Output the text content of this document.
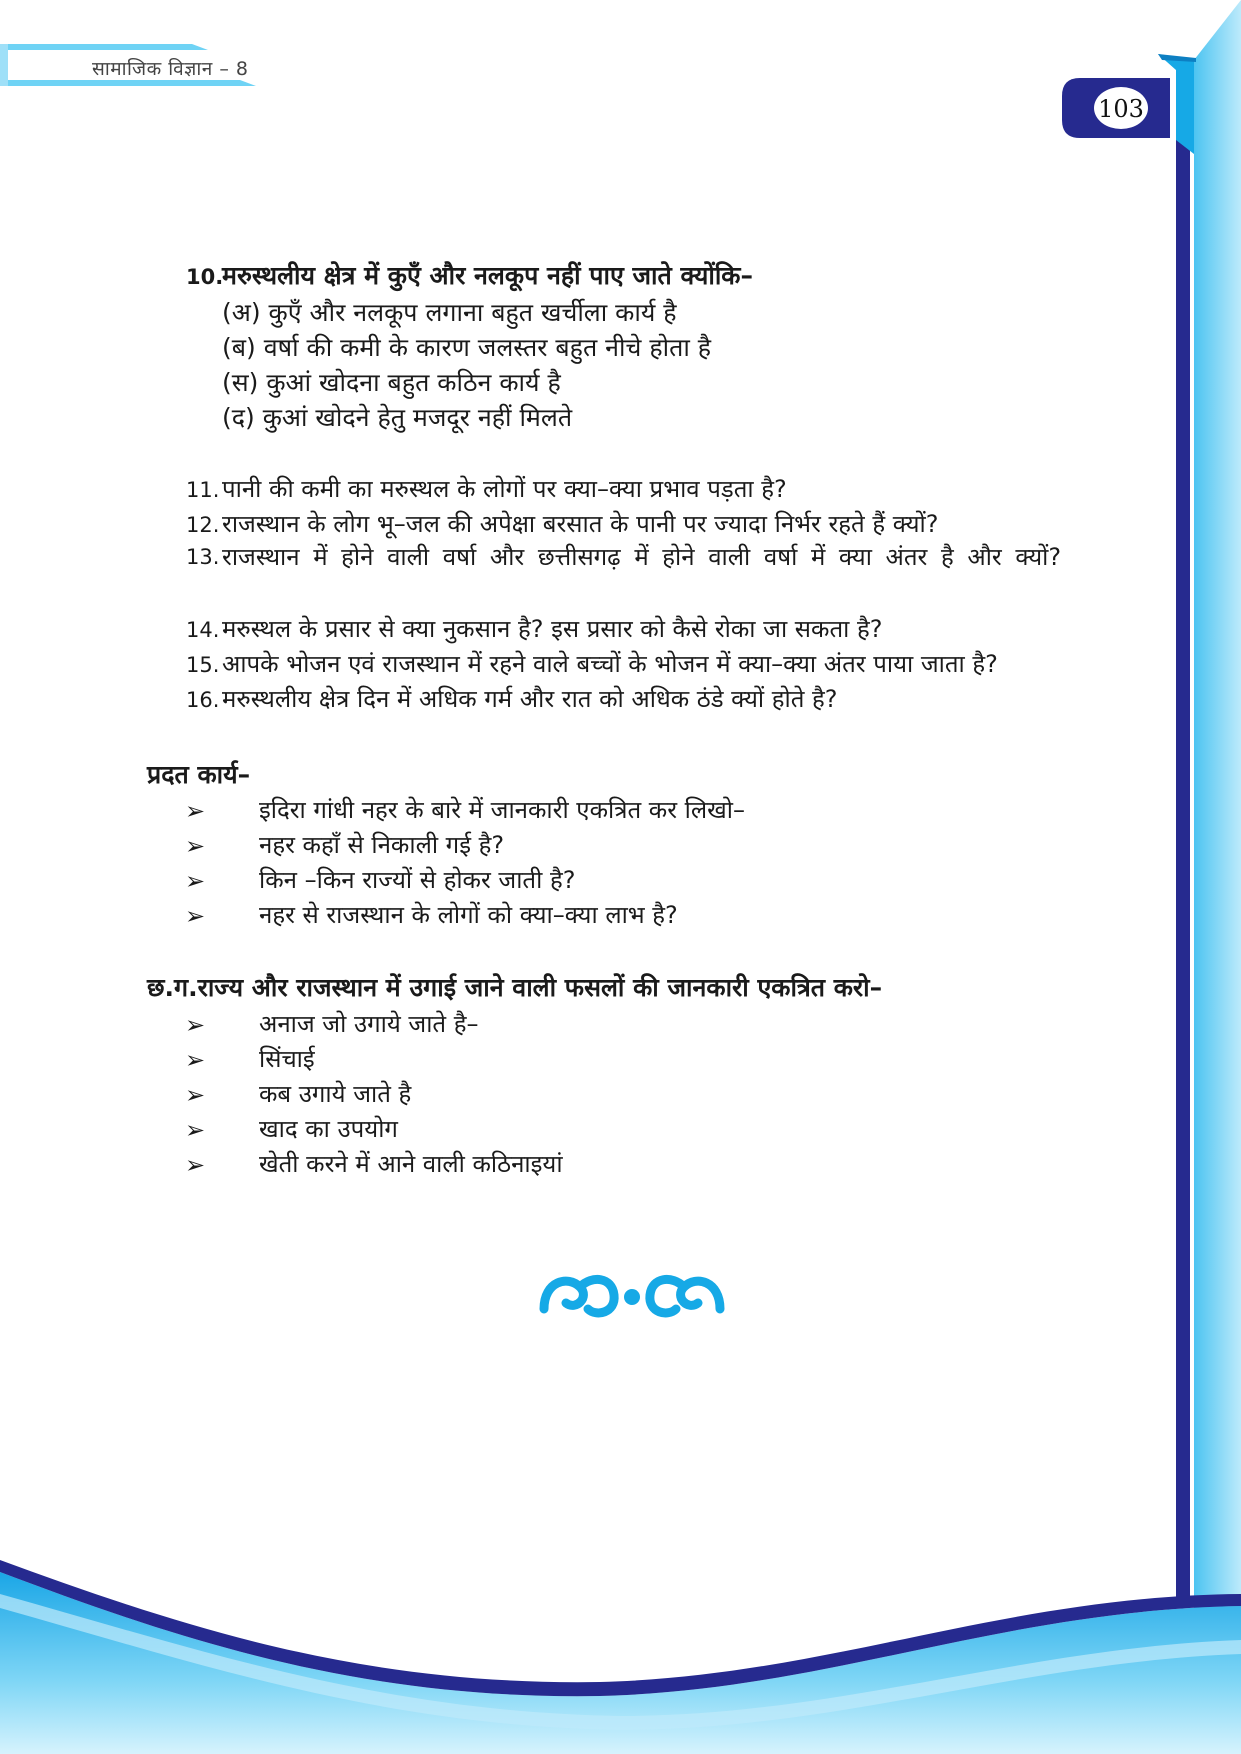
सामाजिक विज्ञान – 8
103
10.मरुस्थलीय क्षेत्र में कुएँ और नलकूप नहीं पाए जाते क्योंकि–
(अ) कुएँ और नलकूप लगाना बहुत खर्चीला कार्य है
(ब) वर्षा की कमी के कारण जलस्तर बहुत नीचे होता है
(स) कुआं खोदना बहुत कठिन कार्य है
(द) कुआं खोदने हेतु मजदूर नहीं मिलते
11. पानी की कमी का मरुस्थल के लोगों पर क्या–क्या प्रभाव पड़ता है?
12. राजस्थान के लोग भू–जल की अपेक्षा बरसात के पानी पर ज्यादा निर्भर रहते हैं क्यों?
13. राजस्थान में होने वाली वर्षा और छत्तीसगढ़ में होने वाली वर्षा में क्या अंतर है और क्यों?
14. मरुस्थल के प्रसार से क्या नुकसान है? इस प्रसार को कैसे रोका जा सकता है?
15. आपके भोजन एवं राजस्थान में रहने वाले बच्चों के भोजन में क्या–क्या अंतर पाया जाता है?
16. मरुस्थलीय क्षेत्र दिन में अधिक गर्म और रात को अधिक ठंडे क्यों होते है?
प्रदत कार्य–
➢ इदिरा गांधी नहर के बारे में जानकारी एकत्रित कर लिखो–
➢ नहर कहाँ से निकाली गई है?
➢ किन –किन राज्यों से होकर जाती है?
➢ नहर से राजस्थान के लोगों को क्या–क्या लाभ है?
छ.ग.राज्य और राजस्थान में उगाई जाने वाली फसलों की जानकारी एकत्रित करो–
➢ अनाज जो उगाये जाते है–
➢ सिंचाई
➢ कब उगाये जाते है
➢ खाद का उपयोग
➢ खेती करने में आने वाली कठिनाइयां
